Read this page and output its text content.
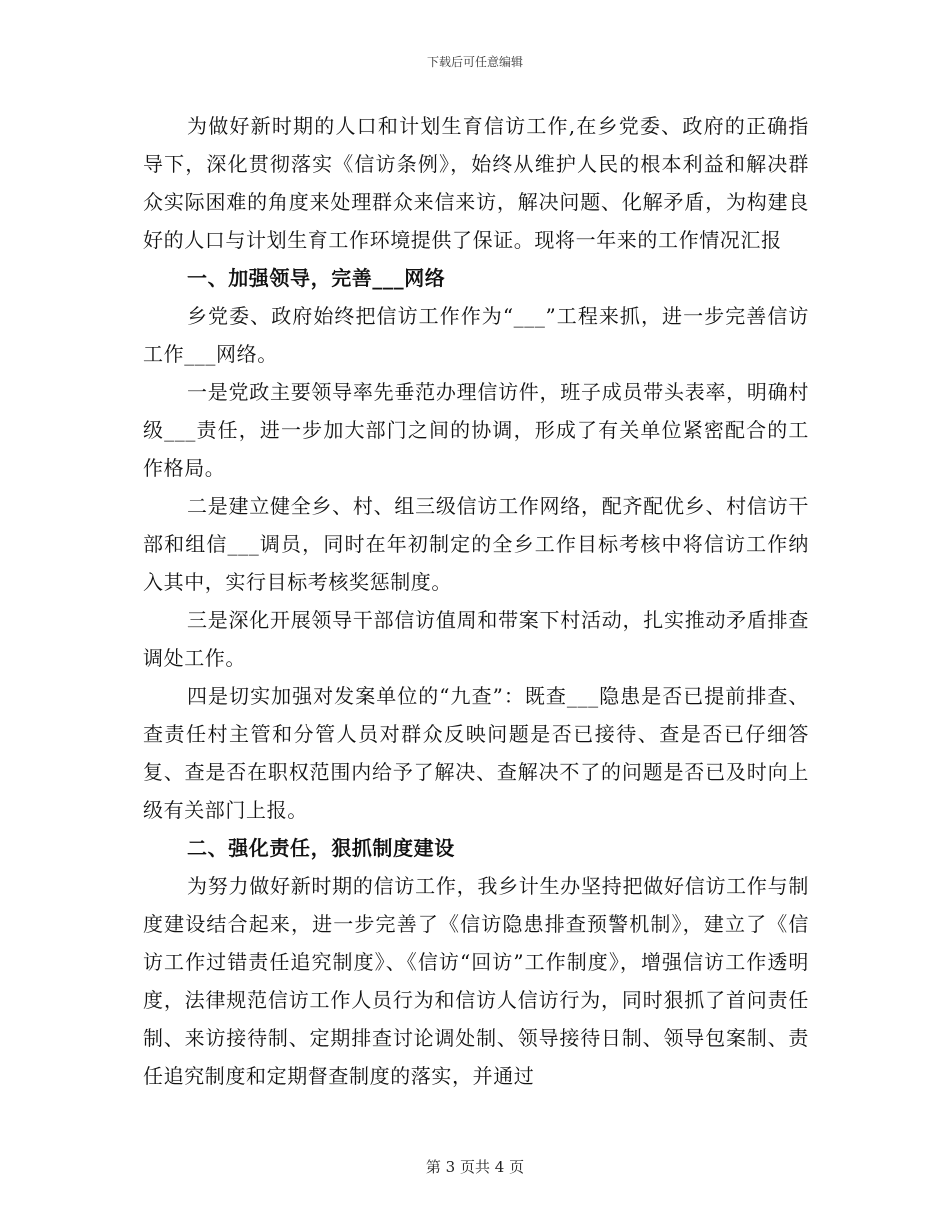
下载后可任意编辑

为做好新时期的人口和计划生育信访工作,在乡党委、政府的正确指导下，深化贯彻落实《信访条例》，始终从维护人民的根本利益和解决群众实际困难的角度来处理群众来信来访，解决问题、化解矛盾，为构建良好的人口与计划生育工作环境提供了保证。现将一年来的工作情况汇报

一、加强领导，完善___网络

乡党委、政府始终把信访工作作为“___”工程来抓，进一步完善信访工作___网络。

一是党政主要领导率先垂范办理信访件，班子成员带头表率，明确村级___责任，进一步加大部门之间的协调，形成了有关单位紧密配合的工作格局。

二是建立健全乡、村、组三级信访工作网络，配齐配优乡、村信访干部和组信___调员，同时在年初制定的全乡工作目标考核中将信访工作纳入其中，实行目标考核奖惩制度。

三是深化开展领导干部信访值周和带案下村活动，扎实推动矛盾排查调处工作。

四是切实加强对发案单位的“九查”：既查___隐患是否已提前排查、查责任村主管和分管人员对群众反映问题是否已接待、查是否已仔细答复、查是否在职权范围内给予了解决、查解决不了的问题是否已及时向上级有关部门上报。

二、强化责任，狠抓制度建设

为努力做好新时期的信访工作，我乡计生办坚持把做好信访工作与制度建设结合起来，进一步完善了《信访隐患排查预警机制》，建立了《信访工作过错责任追究制度》、《信访“回访”工作制度》，增强信访工作透明度，法律规范信访工作人员行为和信访人信访行为，同时狠抓了首问责任制、来访接待制、定期排查讨论调处制、领导接待日制、领导包案制、责任追究制度和定期督查制度的落实，并通过

第 3 页共 4 页
